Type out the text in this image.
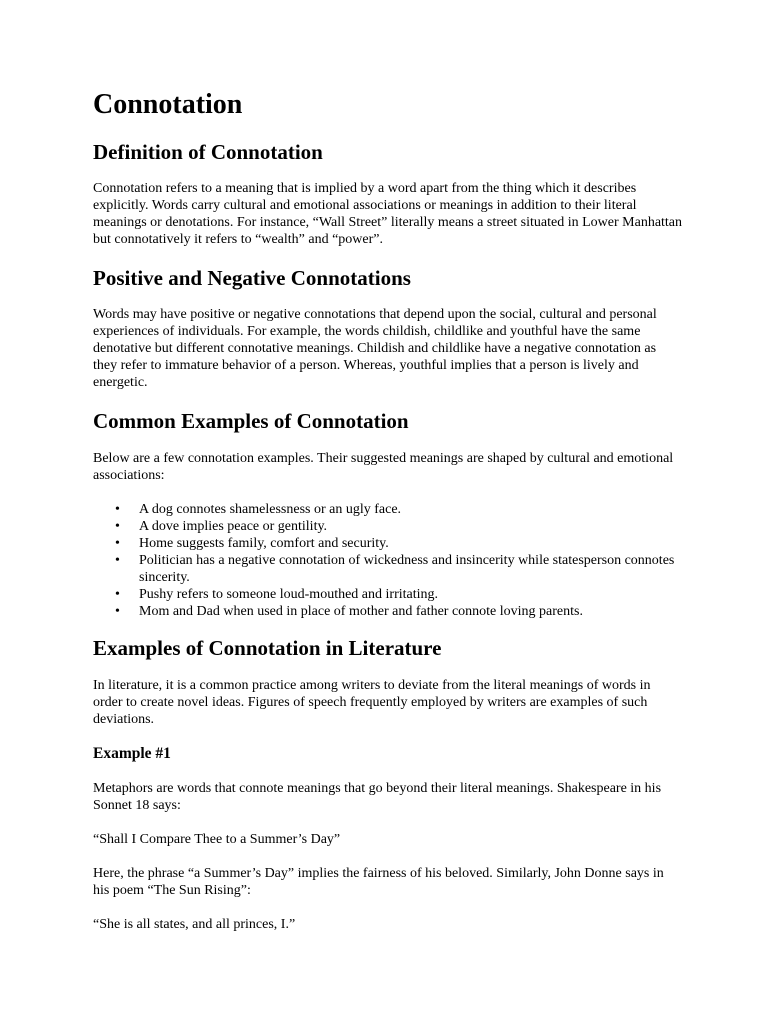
Connotation
Definition of Connotation

Connotation refers to a meaning that is implied by a word apart from the thing which it describes explicitly. Words carry cultural and emotional associations or meanings in addition to their literal meanings or denotations. For instance, “Wall Street” literally means a street situated in Lower Manhattan but connotatively it refers to “wealth” and “power”.

Positive and Negative Connotations

Words may have positive or negative connotations that depend upon the social, cultural and personal experiences of individuals. For example, the words childish, childlike and youthful have the same denotative but different connotative meanings. Childish and childlike have a negative connotation as they refer to immature behavior of a person. Whereas, youthful implies that a person is lively and energetic.

Common Examples of Connotation

Below are a few connotation examples. Their suggested meanings are shaped by cultural and emotional associations:

• A dog connotes shamelessness or an ugly face.
• A dove implies peace or gentility.
• Home suggests family, comfort and security.
• Politician has a negative connotation of wickedness and insincerity while statesperson connotes sincerity.
• Pushy refers to someone loud-mouthed and irritating.
• Mom and Dad when used in place of mother and father connote loving parents.
Examples of Connotation in Literature

In literature, it is a common practice among writers to deviate from the literal meanings of words in order to create novel ideas. Figures of speech frequently employed by writers are examples of such deviations.

Example #1

Metaphors are words that connote meanings that go beyond their literal meanings. Shakespeare in his Sonnet 18 says:

“Shall I Compare Thee to a Summer’s Day”

Here, the phrase “a Summer’s Day” implies the fairness of his beloved. Similarly, John Donne says in his poem “The Sun Rising”:

“She is all states, and all princes, I.”
